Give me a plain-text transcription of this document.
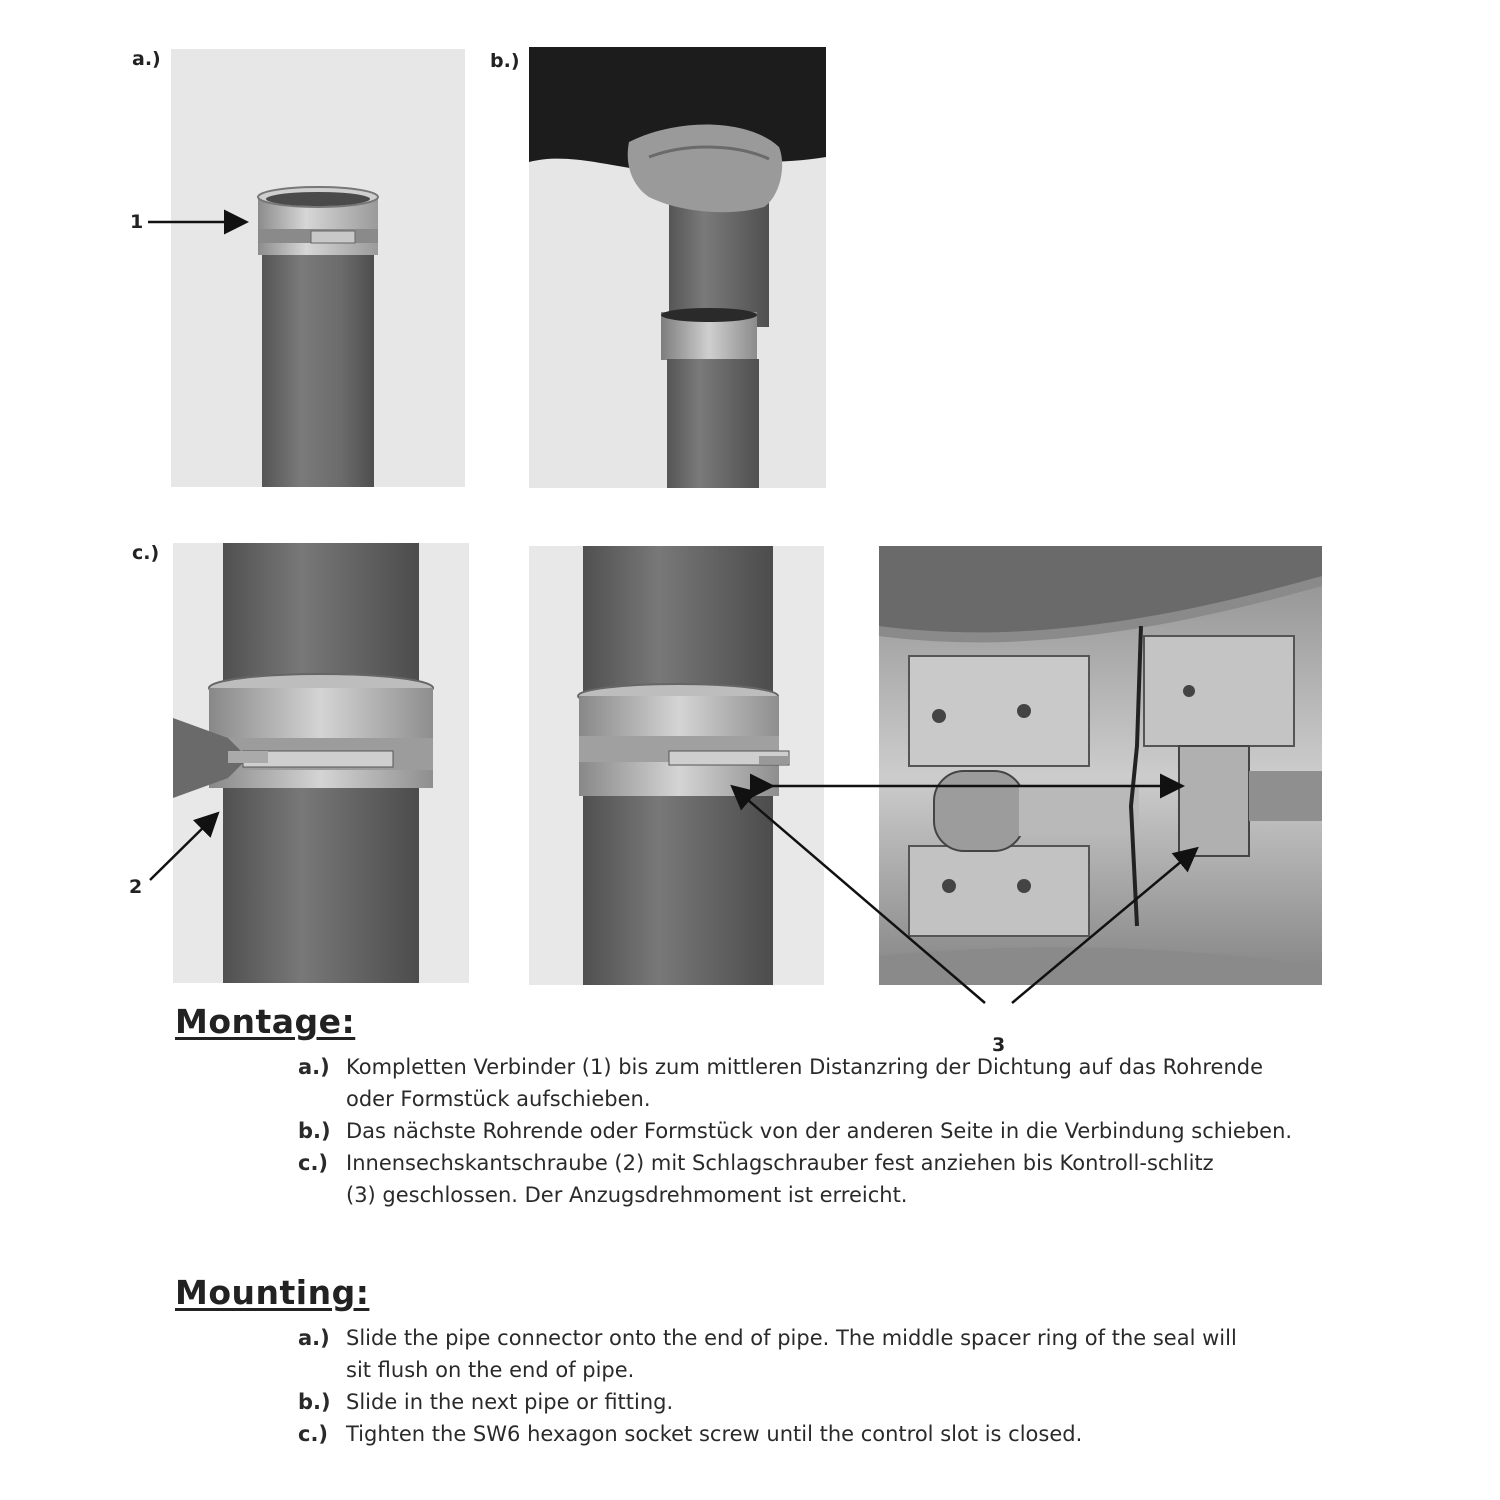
a.)	b.)
c.)
1
2
3
Montage:
a.) Kompletten Verbinder (1) bis zum mittleren Distanzring der Dichtung auf das Rohrende oder Formstück aufschieben.
b.) Das nächste Rohrende oder Formstück von der anderen Seite in die Verbindung schieben.
c.) Innensechskantschraube (2) mit Schlagschrauber fest anziehen bis Kontroll-schlitz (3) geschlossen. Der Anzugsdrehmoment ist erreicht.
Mounting:
a.) Slide the pipe connector onto the end of pipe. The middle spacer ring of the seal will sit flush on the end of pipe.
b.) Slide in the next pipe or fitting.
c.) Tighten the SW6 hexagon socket screw until the control slot is closed.
